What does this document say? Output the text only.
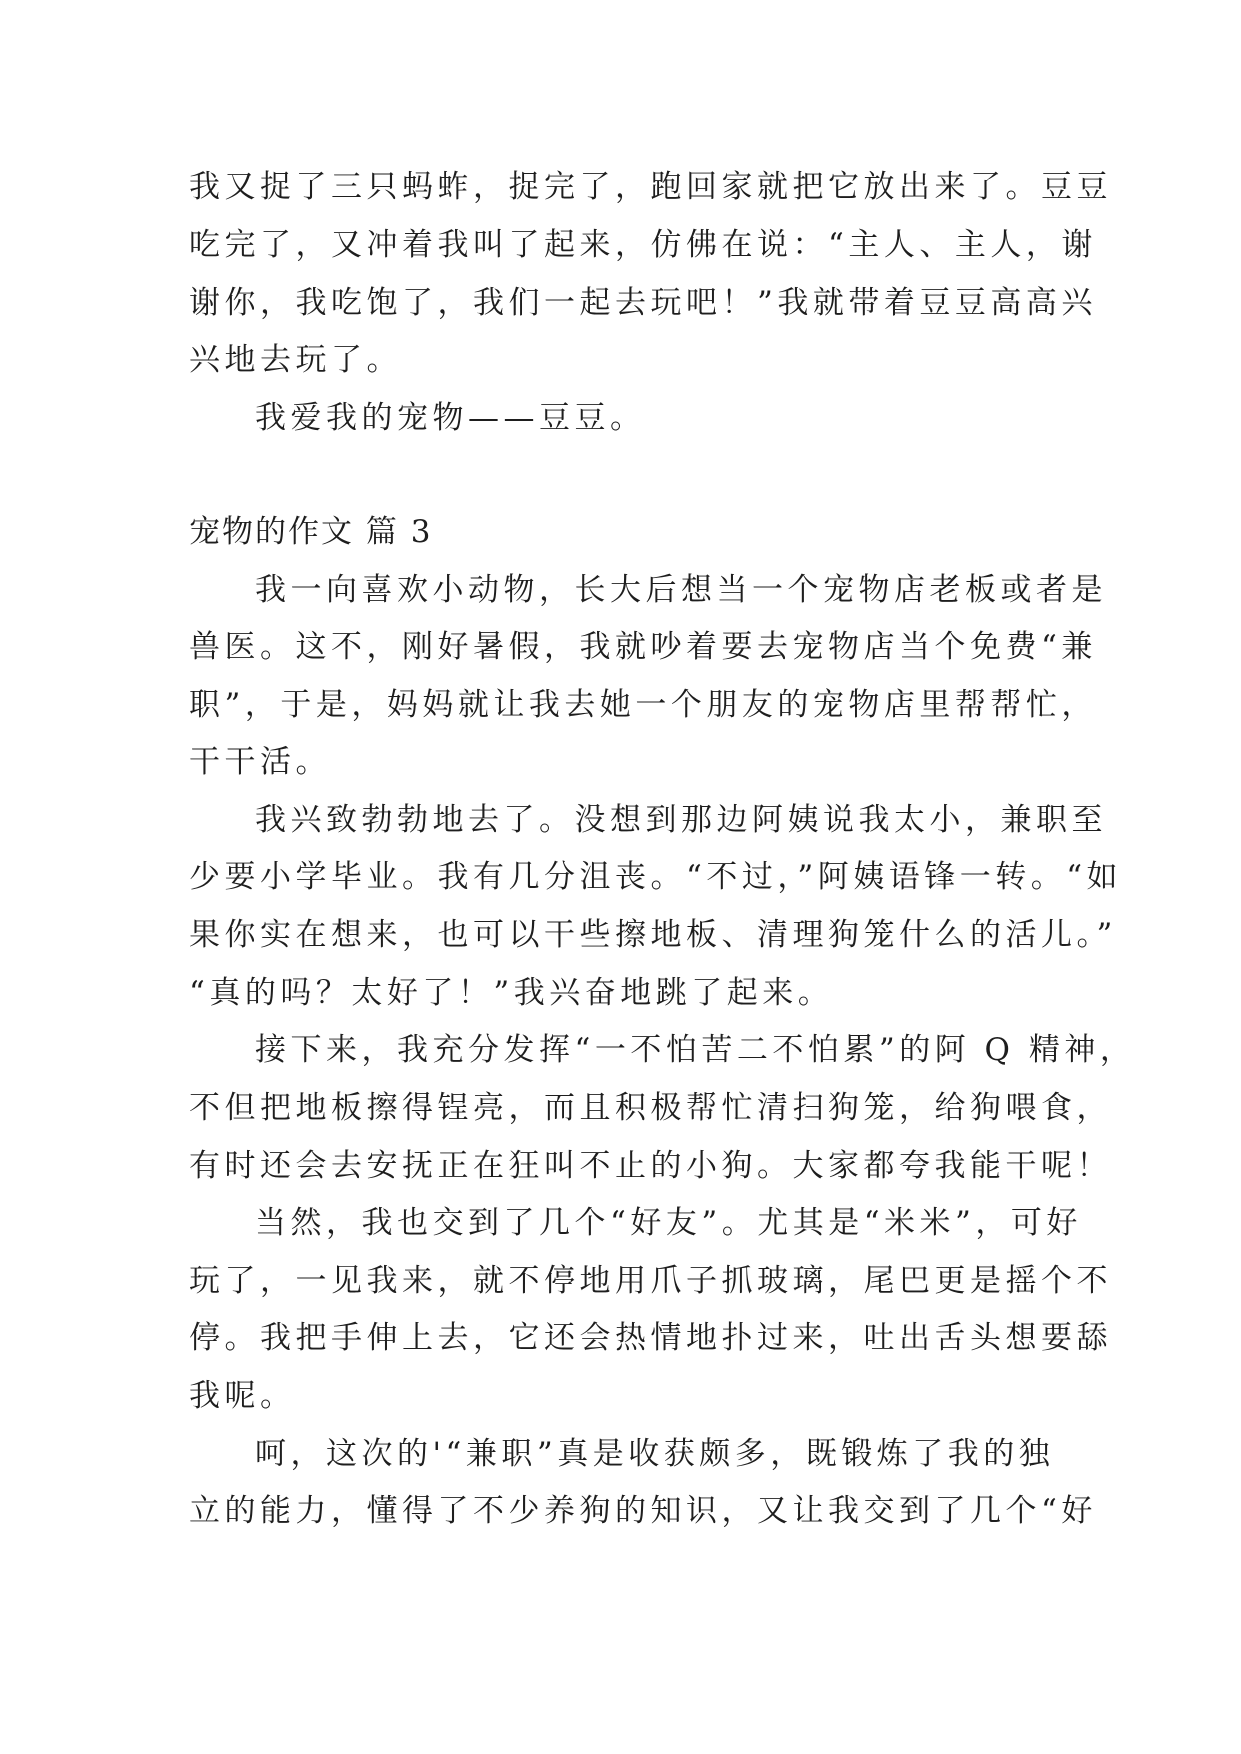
我又捉了三只蚂蚱，捉完了，跑回家就把它放出来了。豆豆

吃完了，又冲着我叫了起来，仿佛在说：“主人、主人，谢

谢你，我吃饱了，我们一起去玩吧！”我就带着豆豆高高兴

兴地去玩了。

我爱我的宠物——豆豆。

宠物的作文 篇 3

我一向喜欢小动物，长大后想当一个宠物店老板或者是

兽医。这不，刚好暑假，我就吵着要去宠物店当个免费“兼

职”，于是，妈妈就让我去她一个朋友的宠物店里帮帮忙，

干干活。

我兴致勃勃地去了。没想到那边阿姨说我太小，兼职至

少要小学毕业。我有几分沮丧。“不过，”阿姨语锋一转。“如

果你实在想来，也可以干些擦地板、清理狗笼什么的活儿。”

“真的吗？太好了！”我兴奋地跳了起来。

接下来，我充分发挥“一不怕苦二不怕累”的阿 Q 精神，

不但把地板擦得锃亮，而且积极帮忙清扫狗笼，给狗喂食，

有时还会去安抚正在狂叫不止的小狗。大家都夸我能干呢！

当然，我也交到了几个“好友”。尤其是“米米”，可好

玩了，一见我来，就不停地用爪子抓玻璃，尾巴更是摇个不

停。我把手伸上去，它还会热情地扑过来，吐出舌头想要舔

我呢。

呵，这次的'“兼职”真是收获颇多，既锻炼了我的独

立的能力，懂得了不少养狗的知识，又让我交到了几个“好
